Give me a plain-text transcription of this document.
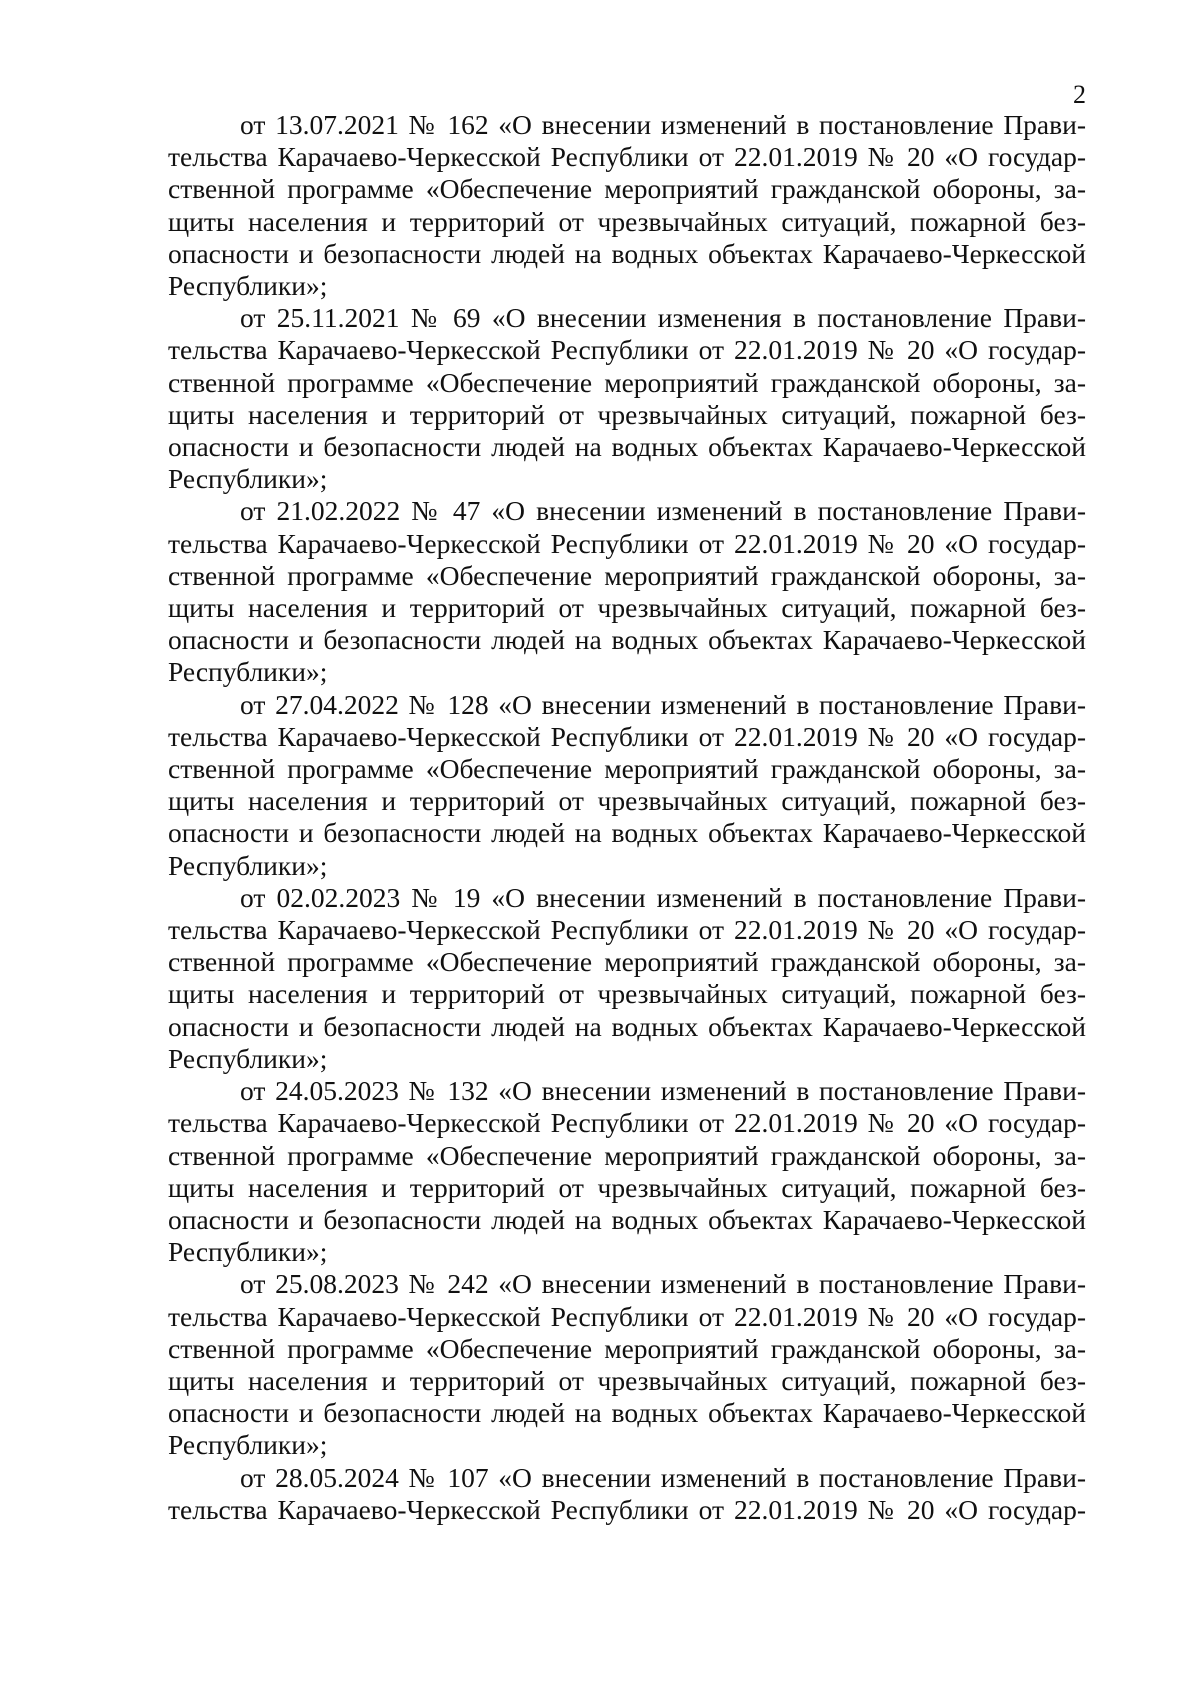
2
от 13.07.2021 № 162 «О внесении изменений в постановление Прави-
тельства Карачаево-Черкесской Республики от 22.01.2019 № 20 «О государ-
ственной программе «Обеспечение мероприятий гражданской обороны, за-
щиты населения и территорий от чрезвычайных ситуаций, пожарной без-
опасности и безопасности людей на водных объектах Карачаево-Черкесской
Республики»;
от 25.11.2021 № 69 «О внесении изменения в постановление Прави-
тельства Карачаево-Черкесской Республики от 22.01.2019 № 20 «О государ-
ственной программе «Обеспечение мероприятий гражданской обороны, за-
щиты населения и территорий от чрезвычайных ситуаций, пожарной без-
опасности и безопасности людей на водных объектах Карачаево-Черкесской
Республики»;
от 21.02.2022 № 47 «О внесении изменений в постановление Прави-
тельства Карачаево-Черкесской Республики от 22.01.2019 № 20 «О государ-
ственной программе «Обеспечение мероприятий гражданской обороны, за-
щиты населения и территорий от чрезвычайных ситуаций, пожарной без-
опасности и безопасности людей на водных объектах Карачаево-Черкесской
Республики»;
от 27.04.2022 № 128 «О внесении изменений в постановление Прави-
тельства Карачаево-Черкесской Республики от 22.01.2019 № 20 «О государ-
ственной программе «Обеспечение мероприятий гражданской обороны, за-
щиты населения и территорий от чрезвычайных ситуаций, пожарной без-
опасности и безопасности людей на водных объектах Карачаево-Черкесской
Республики»;
от 02.02.2023 № 19 «О внесении изменений в постановление Прави-
тельства Карачаево-Черкесской Республики от 22.01.2019 № 20 «О государ-
ственной программе «Обеспечение мероприятий гражданской обороны, за-
щиты населения и территорий от чрезвычайных ситуаций, пожарной без-
опасности и безопасности людей на водных объектах Карачаево-Черкесской
Республики»;
от 24.05.2023 № 132 «О внесении изменений в постановление Прави-
тельства Карачаево-Черкесской Республики от 22.01.2019 № 20 «О государ-
ственной программе «Обеспечение мероприятий гражданской обороны, за-
щиты населения и территорий от чрезвычайных ситуаций, пожарной без-
опасности и безопасности людей на водных объектах Карачаево-Черкесской
Республики»;
от 25.08.2023 № 242 «О внесении изменений в постановление Прави-
тельства Карачаево-Черкесской Республики от 22.01.2019 № 20 «О государ-
ственной программе «Обеспечение мероприятий гражданской обороны, за-
щиты населения и территорий от чрезвычайных ситуаций, пожарной без-
опасности и безопасности людей на водных объектах Карачаево-Черкесской
Республики»;
от 28.05.2024 № 107 «О внесении изменений в постановление Прави-
тельства Карачаево-Черкесской Республики от 22.01.2019 № 20 «О государ-
